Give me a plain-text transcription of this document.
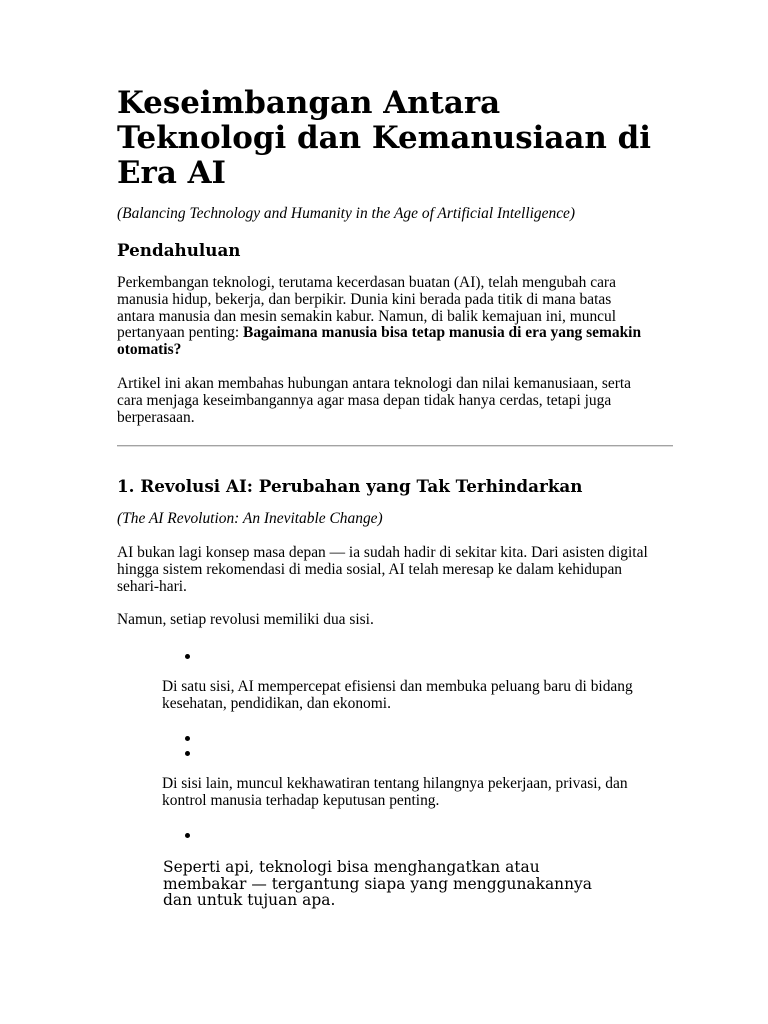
Keseimbangan Antara
Teknologi dan Kemanusiaan di
Era AI
(Balancing Technology and Humanity in the Age of Artificial Intelligence)
Pendahuluan
Perkembangan teknologi, terutama kecerdasan buatan (AI), telah mengubah cara
manusia hidup, bekerja, dan berpikir. Dunia kini berada pada titik di mana batas
antara manusia dan mesin semakin kabur. Namun, di balik kemajuan ini, muncul
pertanyaan penting: Bagaimana manusia bisa tetap manusia di era yang semakin
otomatis?
Artikel ini akan membahas hubungan antara teknologi dan nilai kemanusiaan, serta
cara menjaga keseimbangannya agar masa depan tidak hanya cerdas, tetapi juga
berperasaan.
1. Revolusi AI: Perubahan yang Tak Terhindarkan
(The AI Revolution: An Inevitable Change)
AI bukan lagi konsep masa depan — ia sudah hadir di sekitar kita. Dari asisten digital
hingga sistem rekomendasi di media sosial, AI telah meresap ke dalam kehidupan
sehari-hari.
Namun, setiap revolusi memiliki dua sisi.
Di satu sisi, AI mempercepat efisiensi dan membuka peluang baru di bidang
kesehatan, pendidikan, dan ekonomi.
Di sisi lain, muncul kekhawatiran tentang hilangnya pekerjaan, privasi, dan
kontrol manusia terhadap keputusan penting.
Seperti api, teknologi bisa menghangatkan atau
membakar — tergantung siapa yang menggunakannya
dan untuk tujuan apa.
